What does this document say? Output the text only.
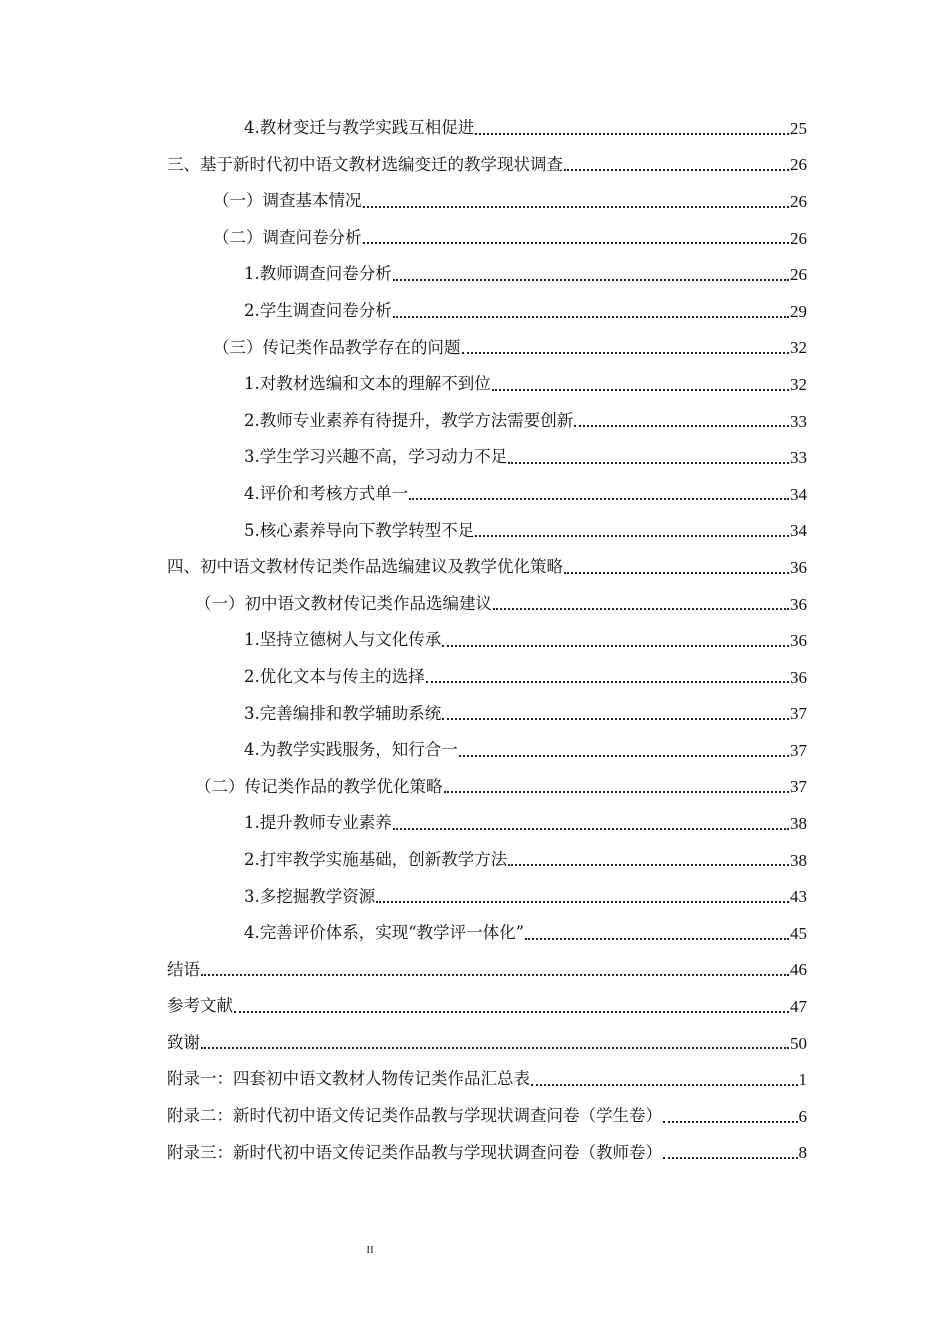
4.教材变迁与教学实践互相促进	25
三、基于新时代初中语文教材选编变迁的教学现状调查	26
（一）调查基本情况	26
（二）调查问卷分析	26
1.教师调查问卷分析	26
2.学生调查问卷分析	29
（三）传记类作品教学存在的问题	32
1.对教材选编和文本的理解不到位	32
2.教师专业素养有待提升，教学方法需要创新	33
3.学生学习兴趣不高，学习动力不足	33
4.评价和考核方式单一	34
5.核心素养导向下教学转型不足	34
四、初中语文教材传记类作品选编建议及教学优化策略	36
（一）初中语文教材传记类作品选编建议	36
1.坚持立德树人与文化传承	36
2.优化文本与传主的选择	36
3.完善编排和教学辅助系统	37
4.为教学实践服务，知行合一	37
（二）传记类作品的教学优化策略	37
1.提升教师专业素养	38
2.打牢教学实施基础，创新教学方法	38
3.多挖掘教学资源	43
4.完善评价体系，实现“教学评一体化”	45
结语	46
参考文献	47
致谢	50
附录一：四套初中语文教材人物传记类作品汇总表	1
附录二：新时代初中语文传记类作品教与学现状调查问卷（学生卷）	6
附录三：新时代初中语文传记类作品教与学现状调查问卷（教师卷）	8
II
